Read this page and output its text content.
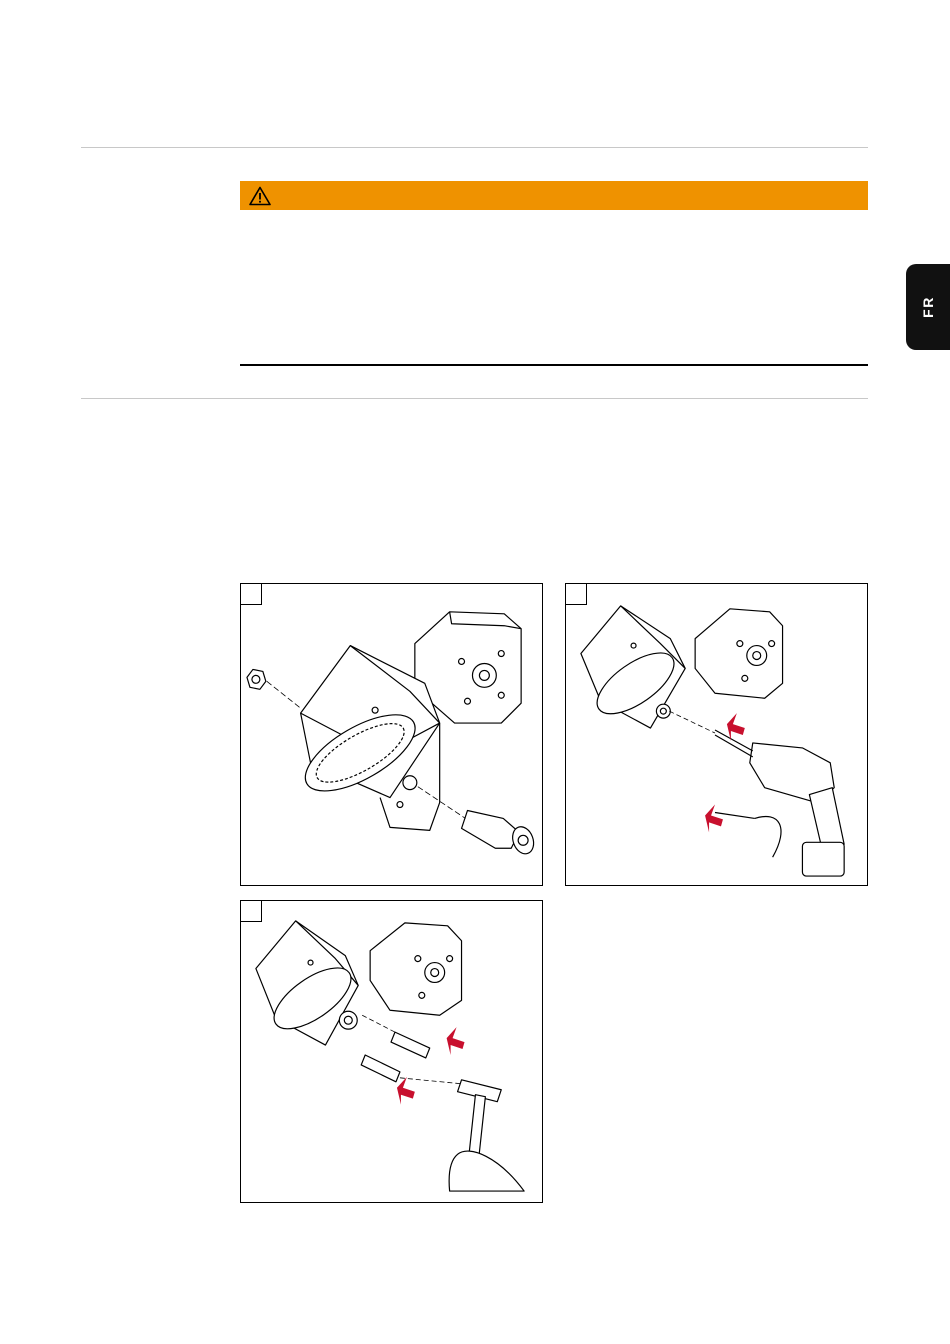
FR
